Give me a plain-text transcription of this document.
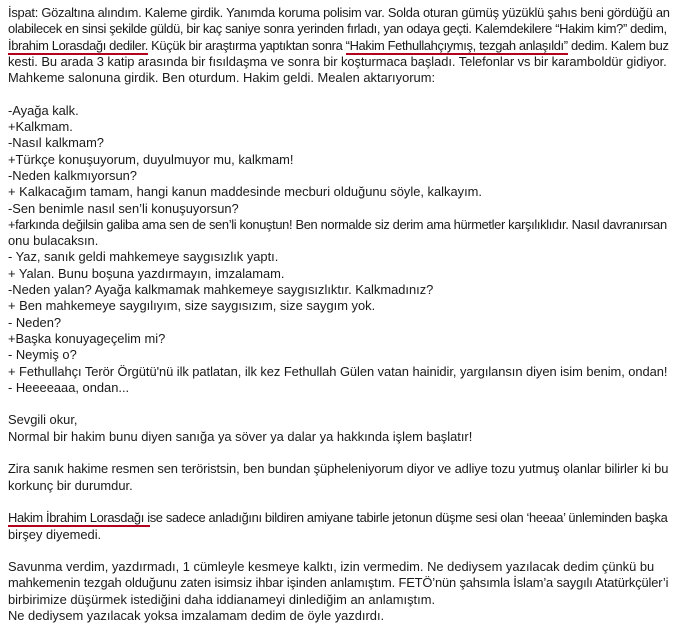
İspat: Gözaltına alındım. Kaleme girdik. Yanımda koruma polisim var. Solda oturan gümüş yüzüklü şahıs beni gördüğü an
olabilecek en sinsi şekilde güldü, bir kaç saniye sonra yerinden fırladı, yan odaya geçti. Kalemdekilere “Hakim kim?” dedim,
İbrahim Lorasdağı dediler. Küçük bir araştırma yaptıktan sonra “Hakim Fethullahçıymış, tezgah anlaşıldı” dedim. Kalem buz
kesti. Bu arada 3 katip arasında bir fısıldaşma ve sonra bir koşturmaca başladı. Telefonlar vs bir karamboldür gidiyor.
Mahkeme salonuna girdik. Ben oturdum. Hakim geldi. Mealen aktarıyorum:
-Ayağa kalk.
+Kalkmam.
-Nasıl kalkmam?
+Türkçe konuşuyorum, duyulmuyor mu, kalkmam!
-Neden kalkmıyorsun?
+ Kalkacağım tamam, hangi kanun maddesinde mecburi olduğunu söyle, kalkayım.
-Sen benimle nasıl sen’li konuşuyorsun?
+farkında değilsin galiba ama sen de sen’li konuştun! Ben normalde siz derim ama hürmetler karşılıklıdır. Nasıl davranırsan
onu bulacaksın.
- Yaz, sanık geldi mahkemeye saygısızlık yaptı.
+ Yalan. Bunu boşuna yazdırmayın, imzalamam.
-Neden yalan? Ayağa kalkmamak mahkemeye saygısızlıktır. Kalkmadınız?
+ Ben mahkemeye saygılıyım, size saygısızım, size saygım yok.
- Neden?
+Başka konuyageçelim mi?
- Neymiş o?
+ Fethullahçı Terör Örgütü'nü ilk patlatan, ilk kez Fethullah Gülen vatan hainidir, yargılansın diyen isim benim, ondan!
- Heeeeaaa, ondan...
Sevgili okur,
Normal bir hakim bunu diyen sanığa ya söver ya dalar ya hakkında işlem başlatır!
Zira sanık hakime resmen sen teröristsin, ben bundan şüpheleniyorum diyor ve adliye tozu yutmuş olanlar bilirler ki bu
korkunç bir durumdur.
Hakim İbrahim Lorasdağı ise sadece anladığını bildiren amiyane tabirle jetonun düşme sesi olan ‘heeaa’ ünleminden başka
birşey diyemedi.
Savunma verdim, yazdırmadı, 1 cümleyle kesmeye kalktı, izin vermedim. Ne dediysem yazılacak dedim çünkü bu
mahkemenin tezgah olduğunu zaten isimsiz ihbar işinden anlamıştım. FETÖ’nün şahsımla İslam’a saygılı Atatürkçüler’i
birbirimize düşürmek istediğini daha iddianameyi dinlediğim an anlamıştım.
Ne dediysem yazılacak yoksa imzalamam dedim de öyle yazdırdı.
